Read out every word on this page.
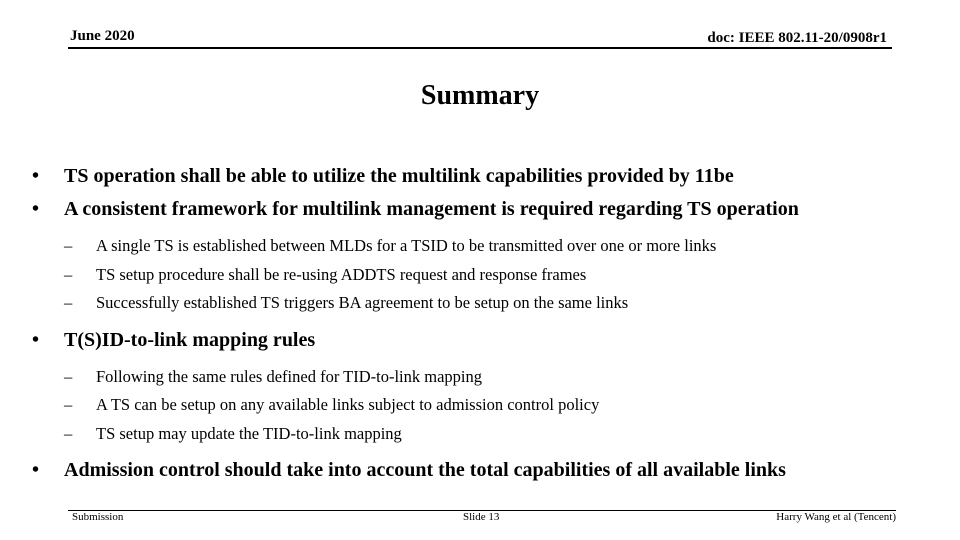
June 2020	doc: IEEE 802.11-20/0908r1
Summary
• TS operation shall be able to utilize the multilink capabilities provided by 11be
• A consistent framework for multilink management is required regarding TS operation
– A single TS is established between MLDs for a TSID to be transmitted over one or more links
– TS setup procedure shall be re-using ADDTS request and response frames
– Successfully established TS triggers BA agreement to be setup on the same links
• T(S)ID-to-link mapping rules
– Following the same rules defined for TID-to-link mapping
– A TS can be setup on any available links subject to admission control policy
– TS setup may update the TID-to-link mapping
• Admission control should take into account the total capabilities of all available links
Submission	Slide 13	Harry Wang et al (Tencent)
